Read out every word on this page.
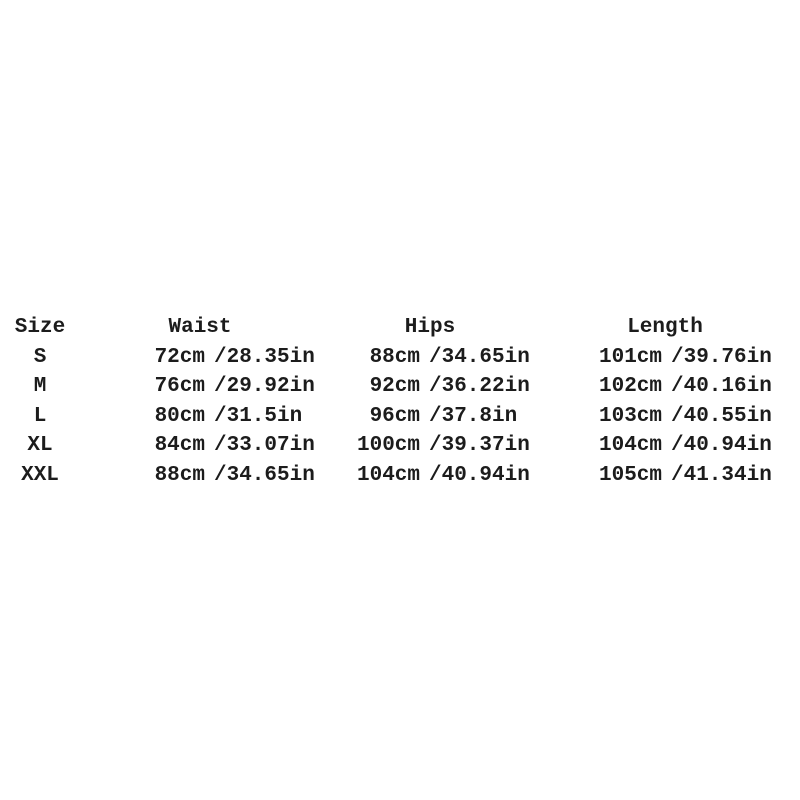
Size	Waist	Hips	Length
S	72cm /28.35in	88cm /34.65in	101cm /39.76in
M	76cm /29.92in	92cm /36.22in	102cm /40.16in
L	80cm /31.5in	96cm /37.8in	103cm /40.55in
XL	84cm /33.07in	100cm /39.37in	104cm /40.94in
XXL	88cm /34.65in	104cm /40.94in	105cm /41.34in
